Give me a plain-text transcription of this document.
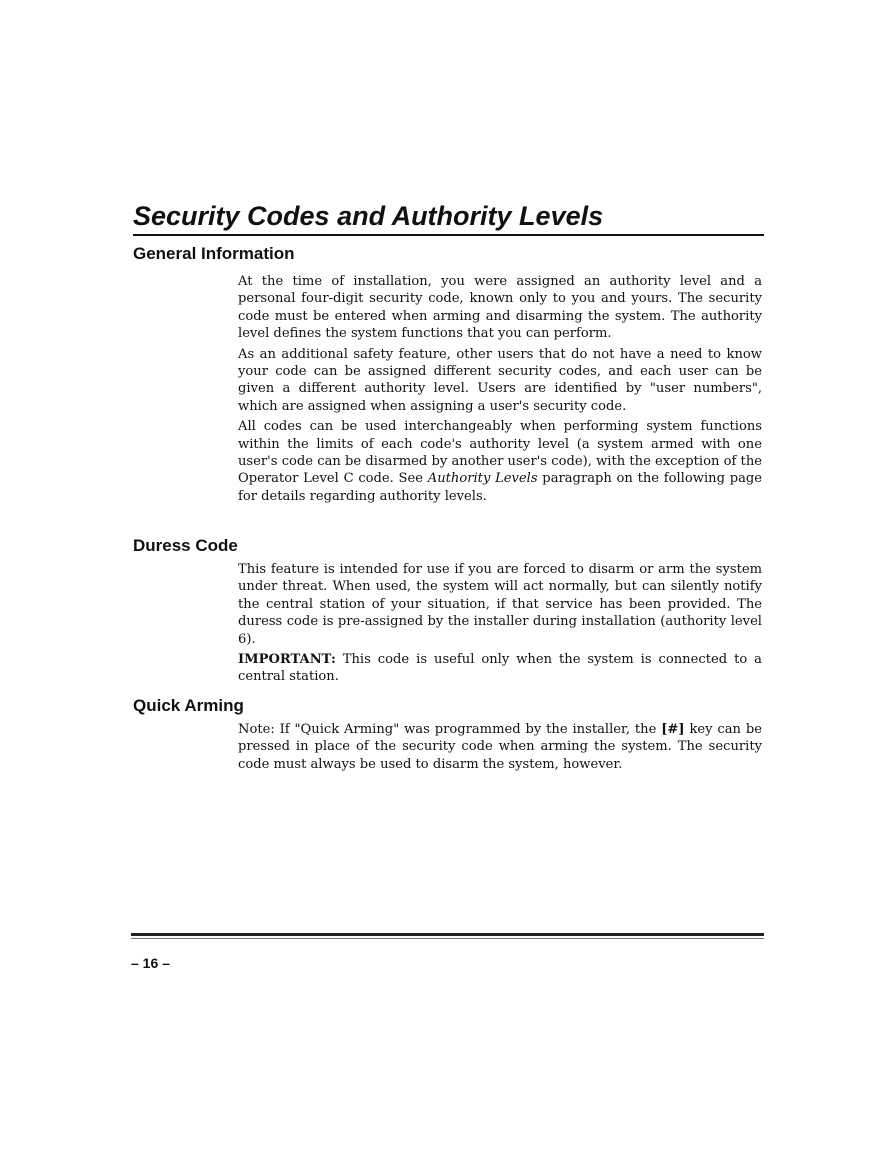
Security Codes and Authority Levels
General Information

At the time of installation, you were assigned an authority level and a personal four-digit security code, known only to you and yours. The security code must be entered when arming and disarming the system. The authority level defines the system functions that you can perform.

As an additional safety feature, other users that do not have a need to know your code can be assigned different security codes, and each user can be given a different authority level. Users are identified by "user numbers", which are assigned when assigning a user's security code.

All codes can be used interchangeably when performing system functions within the limits of each code's authority level (a system armed with one user's code can be disarmed by another user's code), with the exception of the Operator Level C code. See Authority Levels paragraph on the following page for details regarding authority levels.

Duress Code

This feature is intended for use if you are forced to disarm or arm the system under threat. When used, the system will act normally, but can silently notify the central station of your situation, if that service has been provided. The duress code is pre-assigned by the installer during installation (authority level 6).

IMPORTANT: This code is useful only when the system is connected to a central station.

Quick Arming

Note: If "Quick Arming" was programmed by the installer, the [#] key can be pressed in place of the security code when arming the system. The security code must always be used to disarm the system, however.

– 16 –
